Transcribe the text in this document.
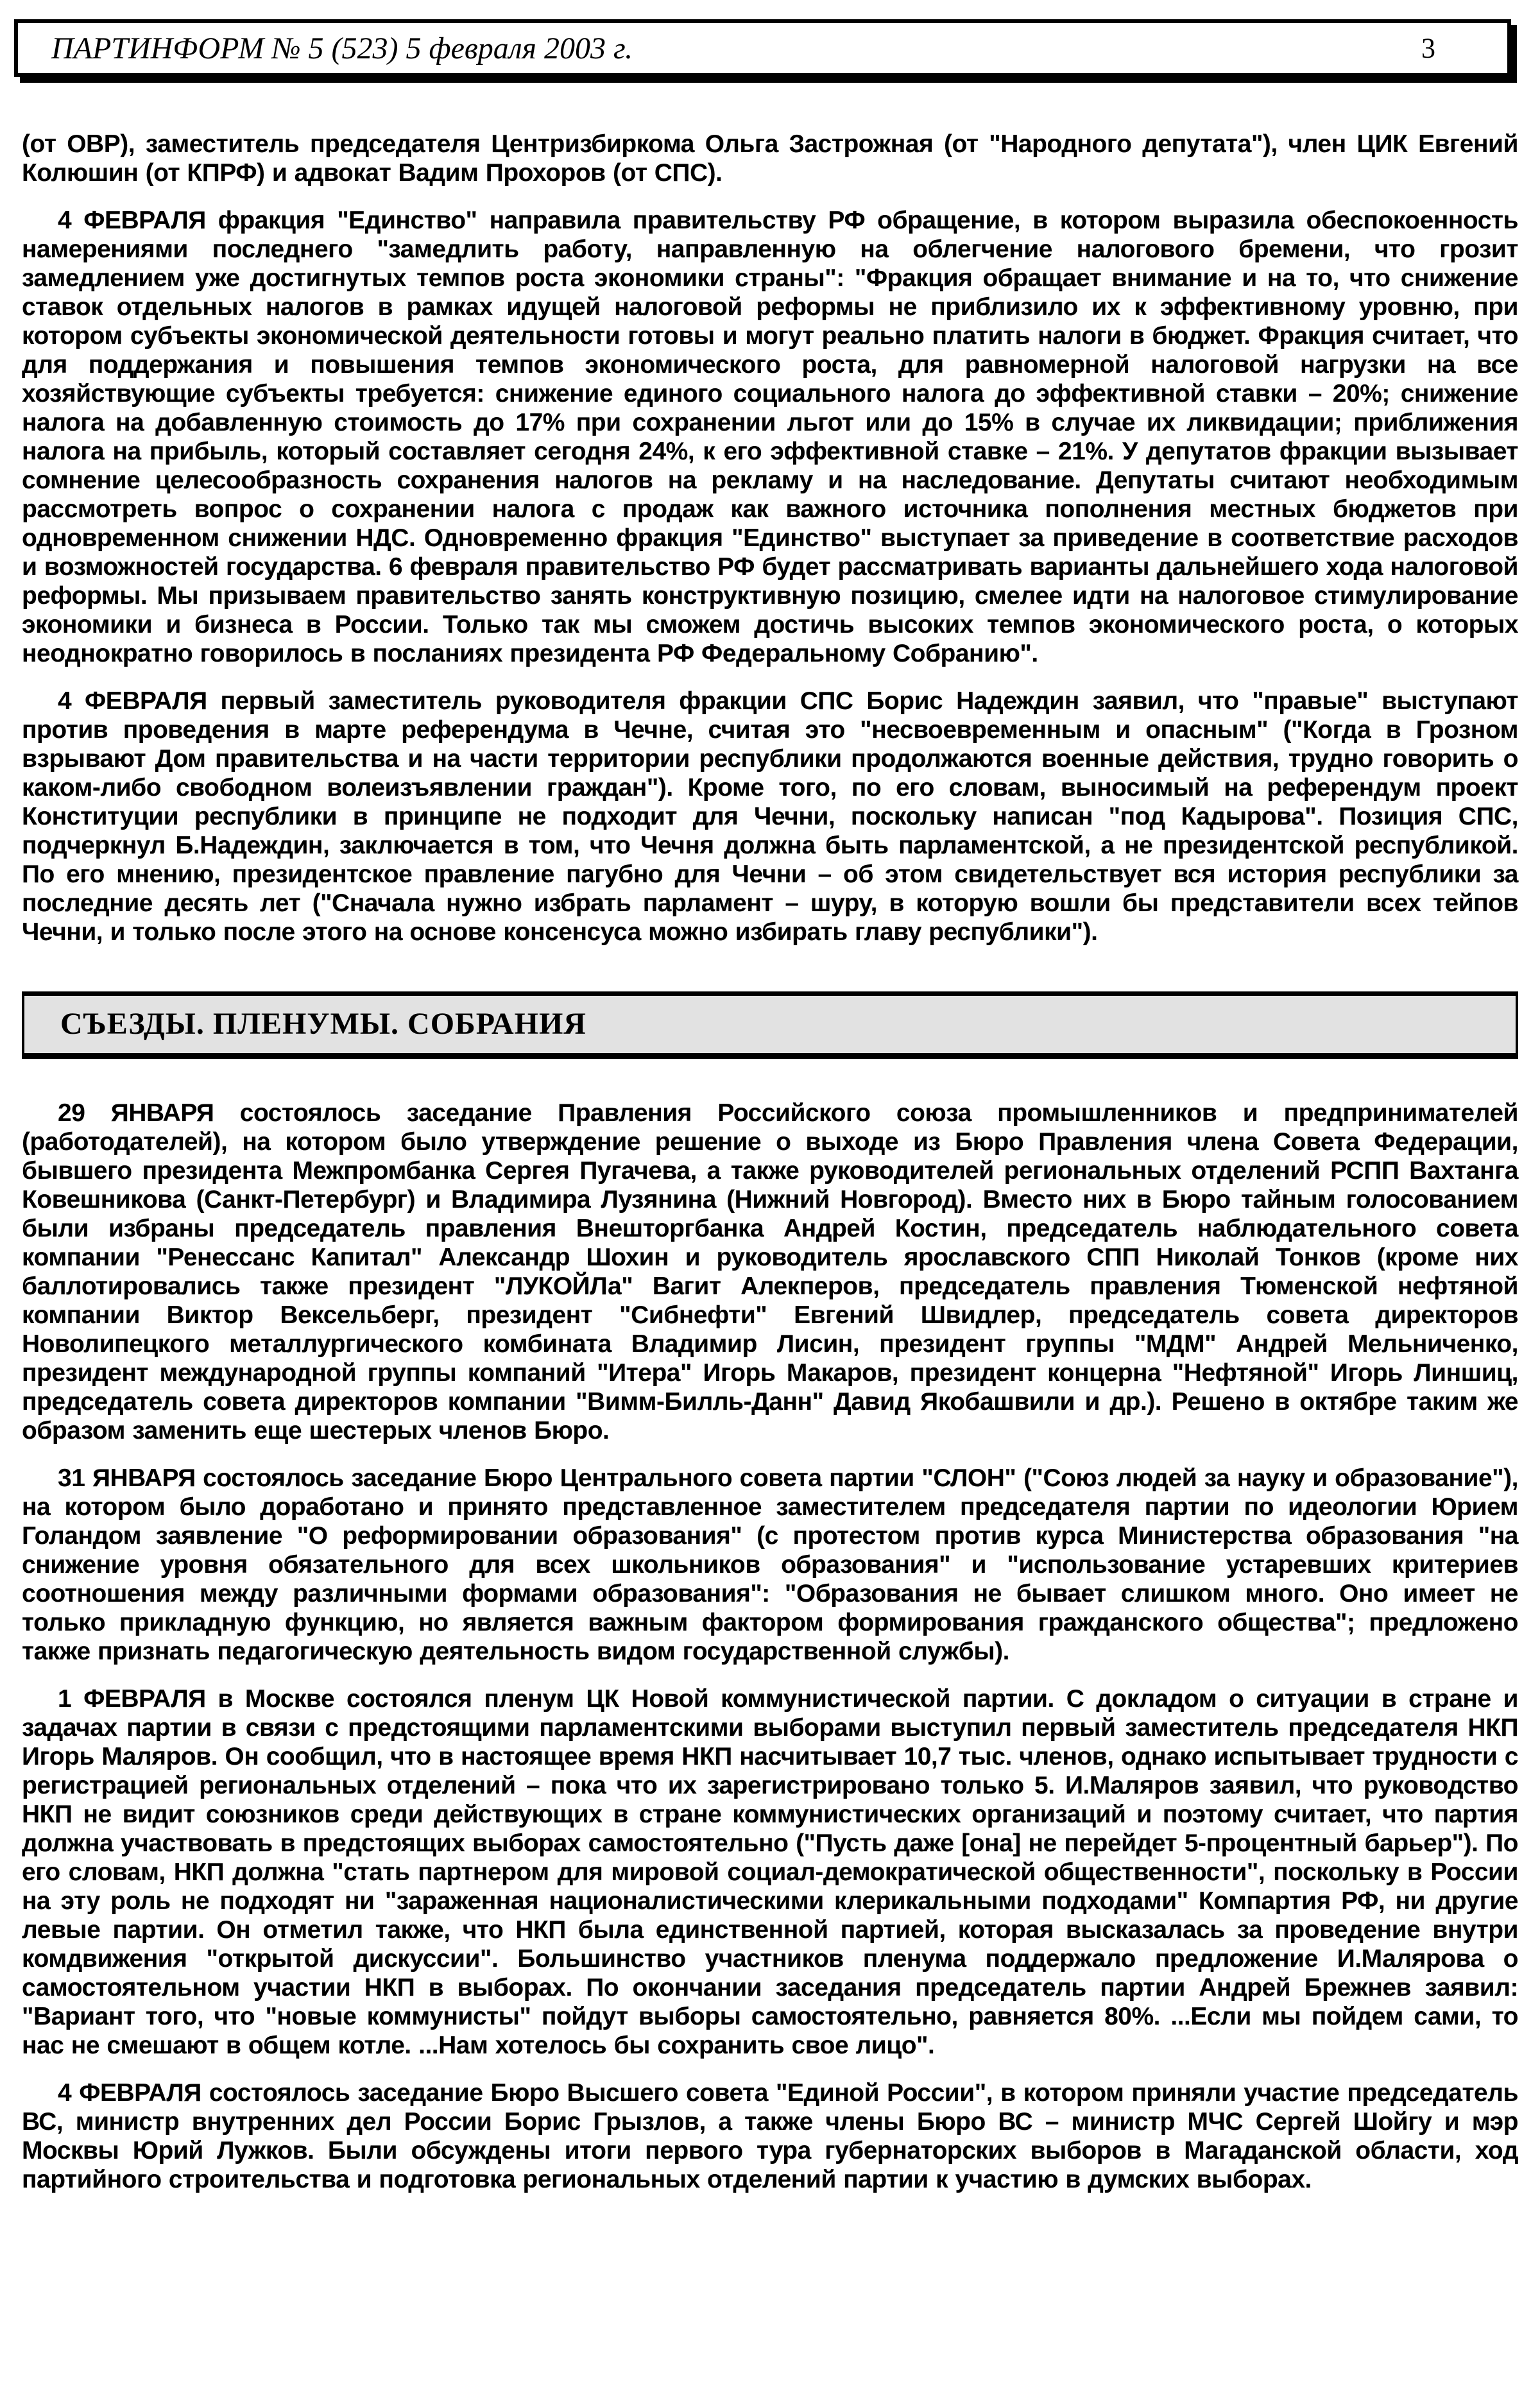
ПАРТИНФОРМ № 5 (523) 5 февраля 2003 г.	3

(от ОВР), заместитель председателя Центризбиркома Ольга Застрожная (от "Народного депутата"), член ЦИК Евгений Колюшин (от КПРФ) и адвокат Вадим Прохоров (от СПС).

4 ФЕВРАЛЯ фракция "Единство" направила правительству РФ обращение, в котором выразила обеспокоенность намерениями последнего "замедлить работу, направленную на облегчение налогового бремени, что грозит замедлением уже достигнутых темпов роста экономики страны": "Фракция обращает внимание и на то, что снижение ставок отдельных налогов в рамках идущей налоговой реформы не приблизило их к эффективному уровню, при котором субъекты экономической деятельности готовы и могут реально платить налоги в бюджет. Фракция считает, что для поддержания и повышения темпов экономического роста, для равномерной налоговой нагрузки на все хозяйствующие субъекты требуется: снижение единого социального налога до эффективной ставки – 20%; снижение налога на добавленную стоимость до 17% при сохранении льгот или до 15% в случае их ликвидации; приближения налога на прибыль, который составляет сегодня 24%, к его эффективной ставке – 21%. У депутатов фракции вызывает сомнение целесообразность сохранения налогов на рекламу и на наследование. Депутаты считают необходимым рассмотреть вопрос о сохранении налога с продаж как важного источника пополнения местных бюджетов при одновременном снижении НДС. Одновременно фракция "Единство" выступает за приведение в соответствие расходов и возможностей государства. 6 февраля правительство РФ будет рассматривать варианты дальнейшего хода налоговой реформы. Мы призываем правительство занять конструктивную позицию, смелее идти на налоговое стимулирование экономики и бизнеса в России. Только так мы сможем достичь высоких темпов экономического роста, о которых неоднократно говорилось в посланиях президента РФ Федеральному Собранию".

4 ФЕВРАЛЯ первый заместитель руководителя фракции СПС Борис Надеждин заявил, что "правые" выступают против проведения в марте референдума в Чечне, считая это "несвоевременным и опасным" ("Когда в Грозном взрывают Дом правительства и на части территории республики продолжаются военные действия, трудно говорить о каком-либо свободном волеизъявлении граждан"). Кроме того, по его словам, выносимый на референдум проект Конституции республики в принципе не подходит для Чечни, поскольку написан "под Кадырова". Позиция СПС, подчеркнул Б.Надеждин, заключается в том, что Чечня должна быть парламентской, а не президентской республикой. По его мнению, президентское правление пагубно для Чечни – об этом свидетельствует вся история республики за последние десять лет ("Сначала нужно избрать парламент – шуру, в которую вошли бы представители всех тейпов Чечни, и только после этого на основе консенсуса можно избирать главу республики").

СЪЕЗДЫ. ПЛЕНУМЫ. СОБРАНИЯ

29 ЯНВАРЯ состоялось заседание Правления Российского союза промышленников и предпринимателей (работодателей), на котором было утверждение решение о выходе из Бюро Правления члена Совета Федерации, бывшего президента Межпромбанка Сергея Пугачева, а также руководителей региональных отделений РСПП Вахтанга Ковешникова (Санкт-Петербург) и Владимира Лузянина (Нижний Новгород). Вместо них в Бюро тайным голосованием были избраны председатель правления Внешторгбанка Андрей Костин, председатель наблюдательного совета компании "Ренессанс Капитал" Александр Шохин и руководитель ярославского СПП Николай Тонков (кроме них баллотировались также президент "ЛУКОЙЛа" Вагит Алекперов, председатель правления Тюменской нефтяной компании Виктор Вексельберг, президент "Сибнефти" Евгений Швидлер, председатель совета директоров Новолипецкого металлургического комбината Владимир Лисин, президент группы "МДМ" Андрей Мельниченко, президент международной группы компаний "Итера" Игорь Макаров, президент концерна "Нефтяной" Игорь Линшиц, председатель совета директоров компании "Вимм-Билль-Данн" Давид Якобашвили и др.). Решено в октябре таким же образом заменить еще шестерых членов Бюро.

31 ЯНВАРЯ состоялось заседание Бюро Центрального совета партии "СЛОН" ("Союз людей за науку и образование"), на котором было доработано и принято представленное заместителем председателя партии по идеологии Юрием Голандом заявление "О реформировании образования" (с протестом против курса Министерства образования "на снижение уровня обязательного для всех школьников образования" и "использование устаревших критериев соотношения между различными формами образования": "Образования не бывает слишком много. Оно имеет не только прикладную функцию, но является важным фактором формирования гражданского общества"; предложено также признать педагогическую деятельность видом государственной службы).

1 ФЕВРАЛЯ в Москве состоялся пленум ЦК Новой коммунистической партии. С докладом о ситуации в стране и задачах партии в связи с предстоящими парламентскими выборами выступил первый заместитель председателя НКП Игорь Маляров. Он сообщил, что в настоящее время НКП насчитывает 10,7 тыс. членов, однако испытывает трудности с регистрацией региональных отделений – пока что их зарегистрировано только 5. И.Маляров заявил, что руководство НКП не видит союзников среди действующих в стране коммунистических организаций и поэтому считает, что партия должна участвовать в предстоящих выборах самостоятельно ("Пусть даже [она] не перейдет 5-процентный барьер"). По его словам, НКП должна "стать партнером для мировой социал-демократической общественности", поскольку в России на эту роль не подходят ни "зараженная националистическими клерикальными подходами" Компартия РФ, ни другие левые партии. Он отметил также, что НКП была единственной партией, которая высказалась за проведение внутри комдвижения "открытой дискуссии". Большинство участников пленума поддержало предложение И.Малярова о самостоятельном участии НКП в выборах. По окончании заседания председатель партии Андрей Брежнев заявил: "Вариант того, что "новые коммунисты" пойдут выборы самостоятельно, равняется 80%. ...Если мы пойдем сами, то нас не смешают в общем котле. ...Нам хотелось бы сохранить свое лицо".

4 ФЕВРАЛЯ состоялось заседание Бюро Высшего совета "Единой России", в котором приняли участие председатель ВС, министр внутренних дел России Борис Грызлов, а также члены Бюро ВС – министр МЧС Сергей Шойгу и мэр Москвы Юрий Лужков. Были обсуждены итоги первого тура губернаторских выборов в Магаданской области, ход партийного строительства и подготовка региональных отделений партии к участию в думских выборах.
